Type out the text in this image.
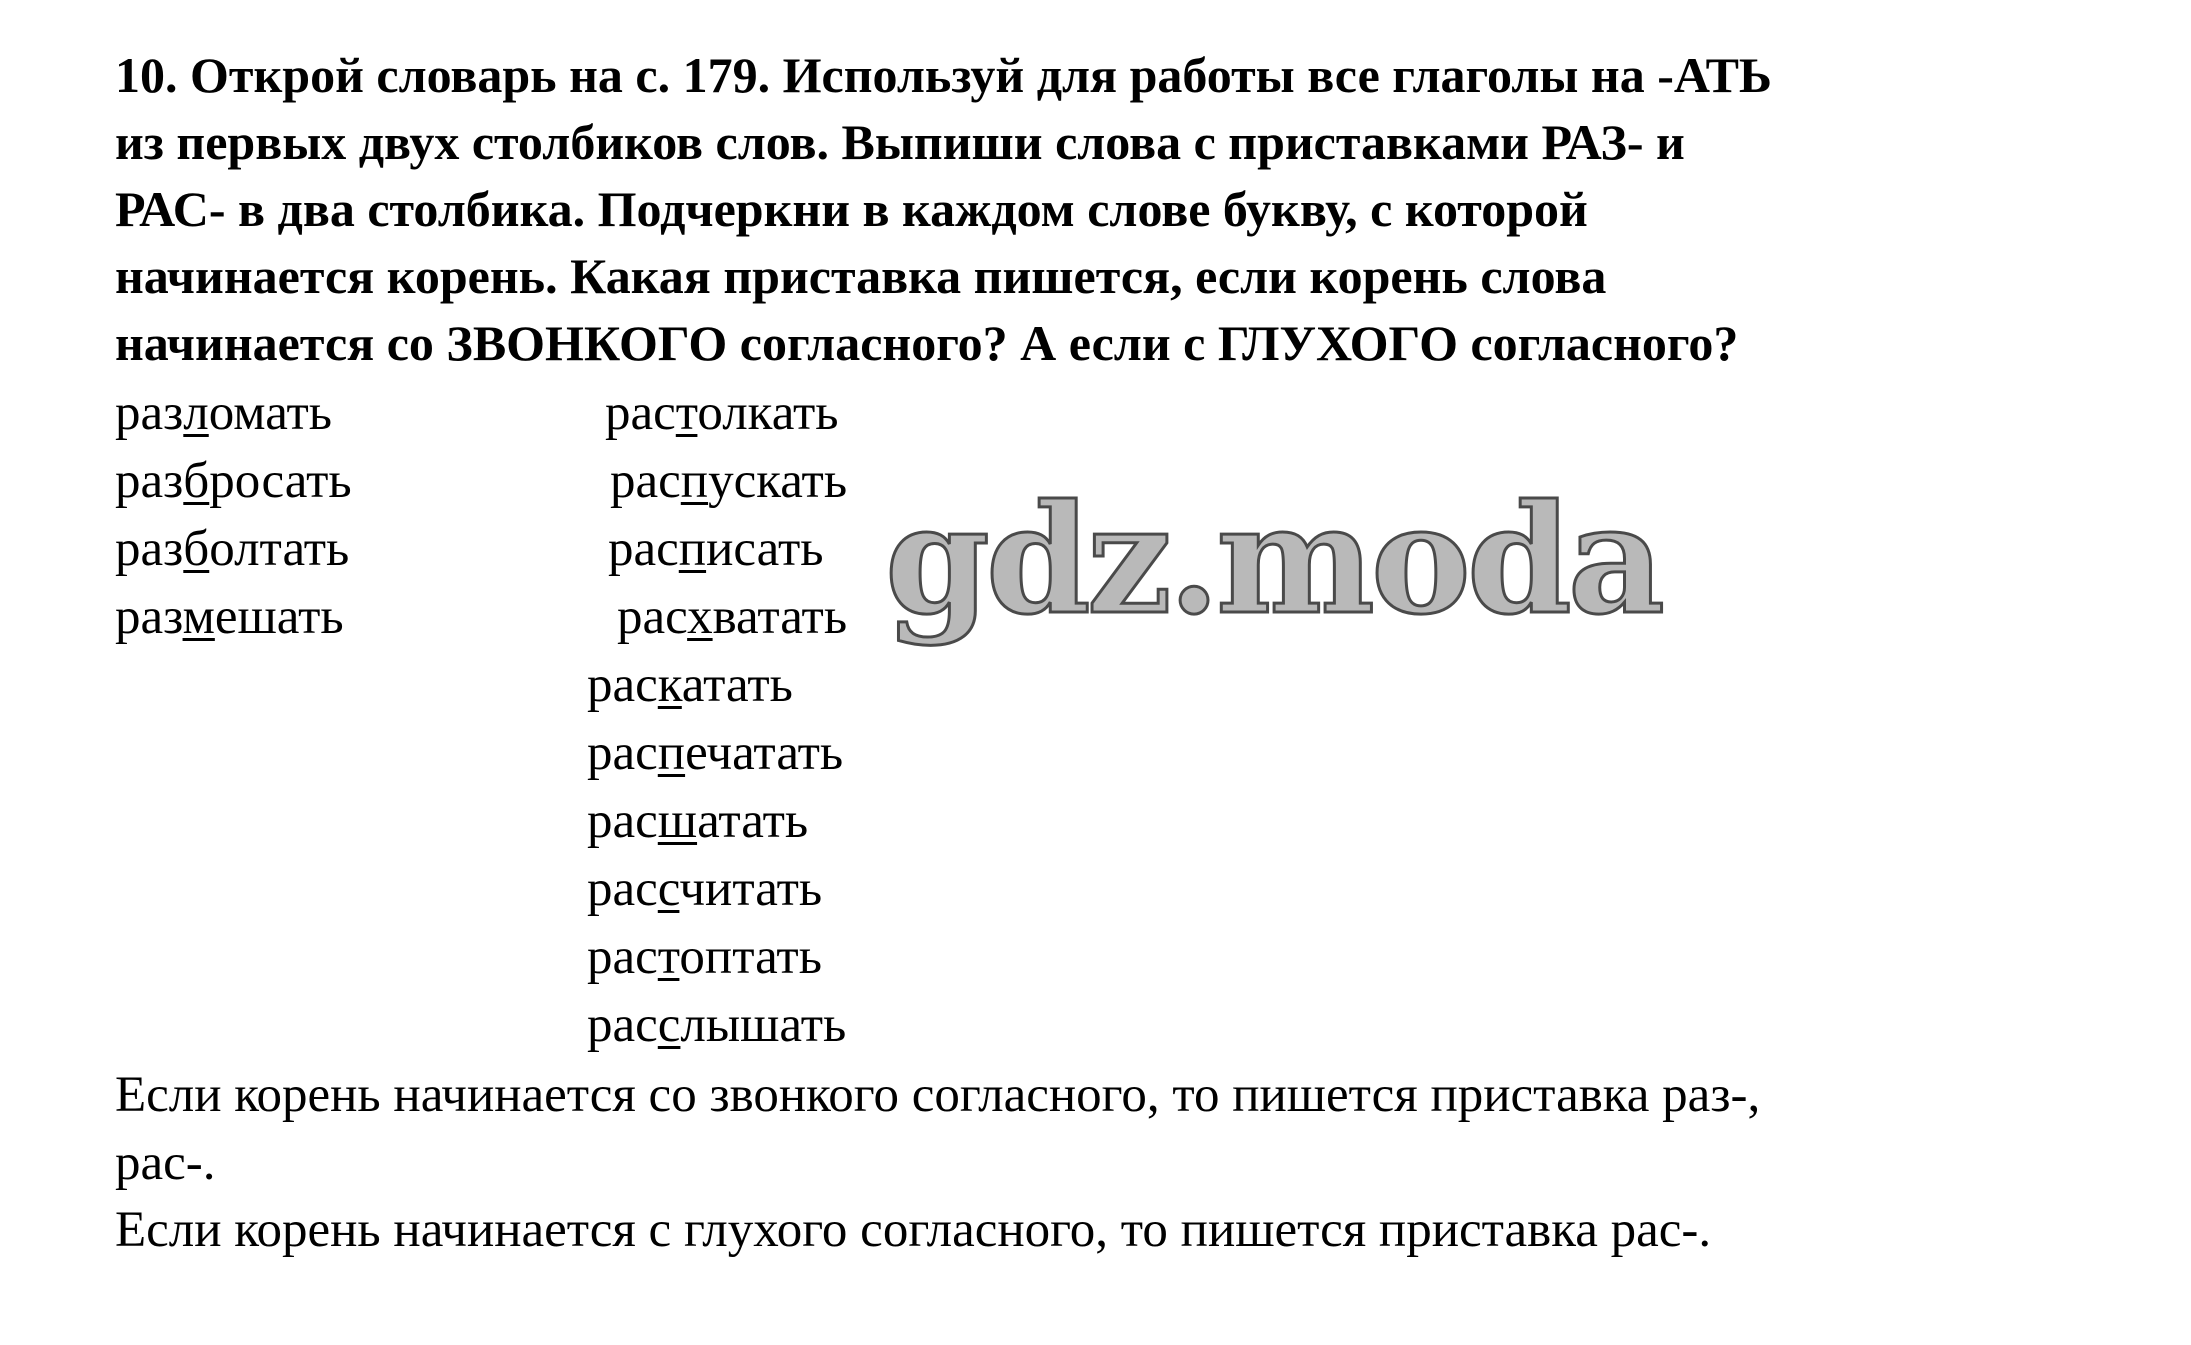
10. Открой словарь на с. 179. Используй для работы все глаголы на -АТЬ
из первых двух столбиков слов. Выпиши слова с приставками РАЗ- и
РАС- в два столбика. Подчеркни в каждом слове букву, с которой
начинается корень. Какая приставка пишется, если корень слова
начинается со ЗВОНКОГО согласного? А если с ГЛУХОГО согласного?
разломать
разбросать
разболтать
размешать
растолкать
распускать
расписать
расхватать
раскатать
распечатать
расшатать
рассчитать
растоптать
расслышать
Если корень начинается со звонкого согласного, то пишется приставка раз-,
рас-.
Если корень начинается с глухого согласного, то пишется приставка рас-.
gdz.moda
